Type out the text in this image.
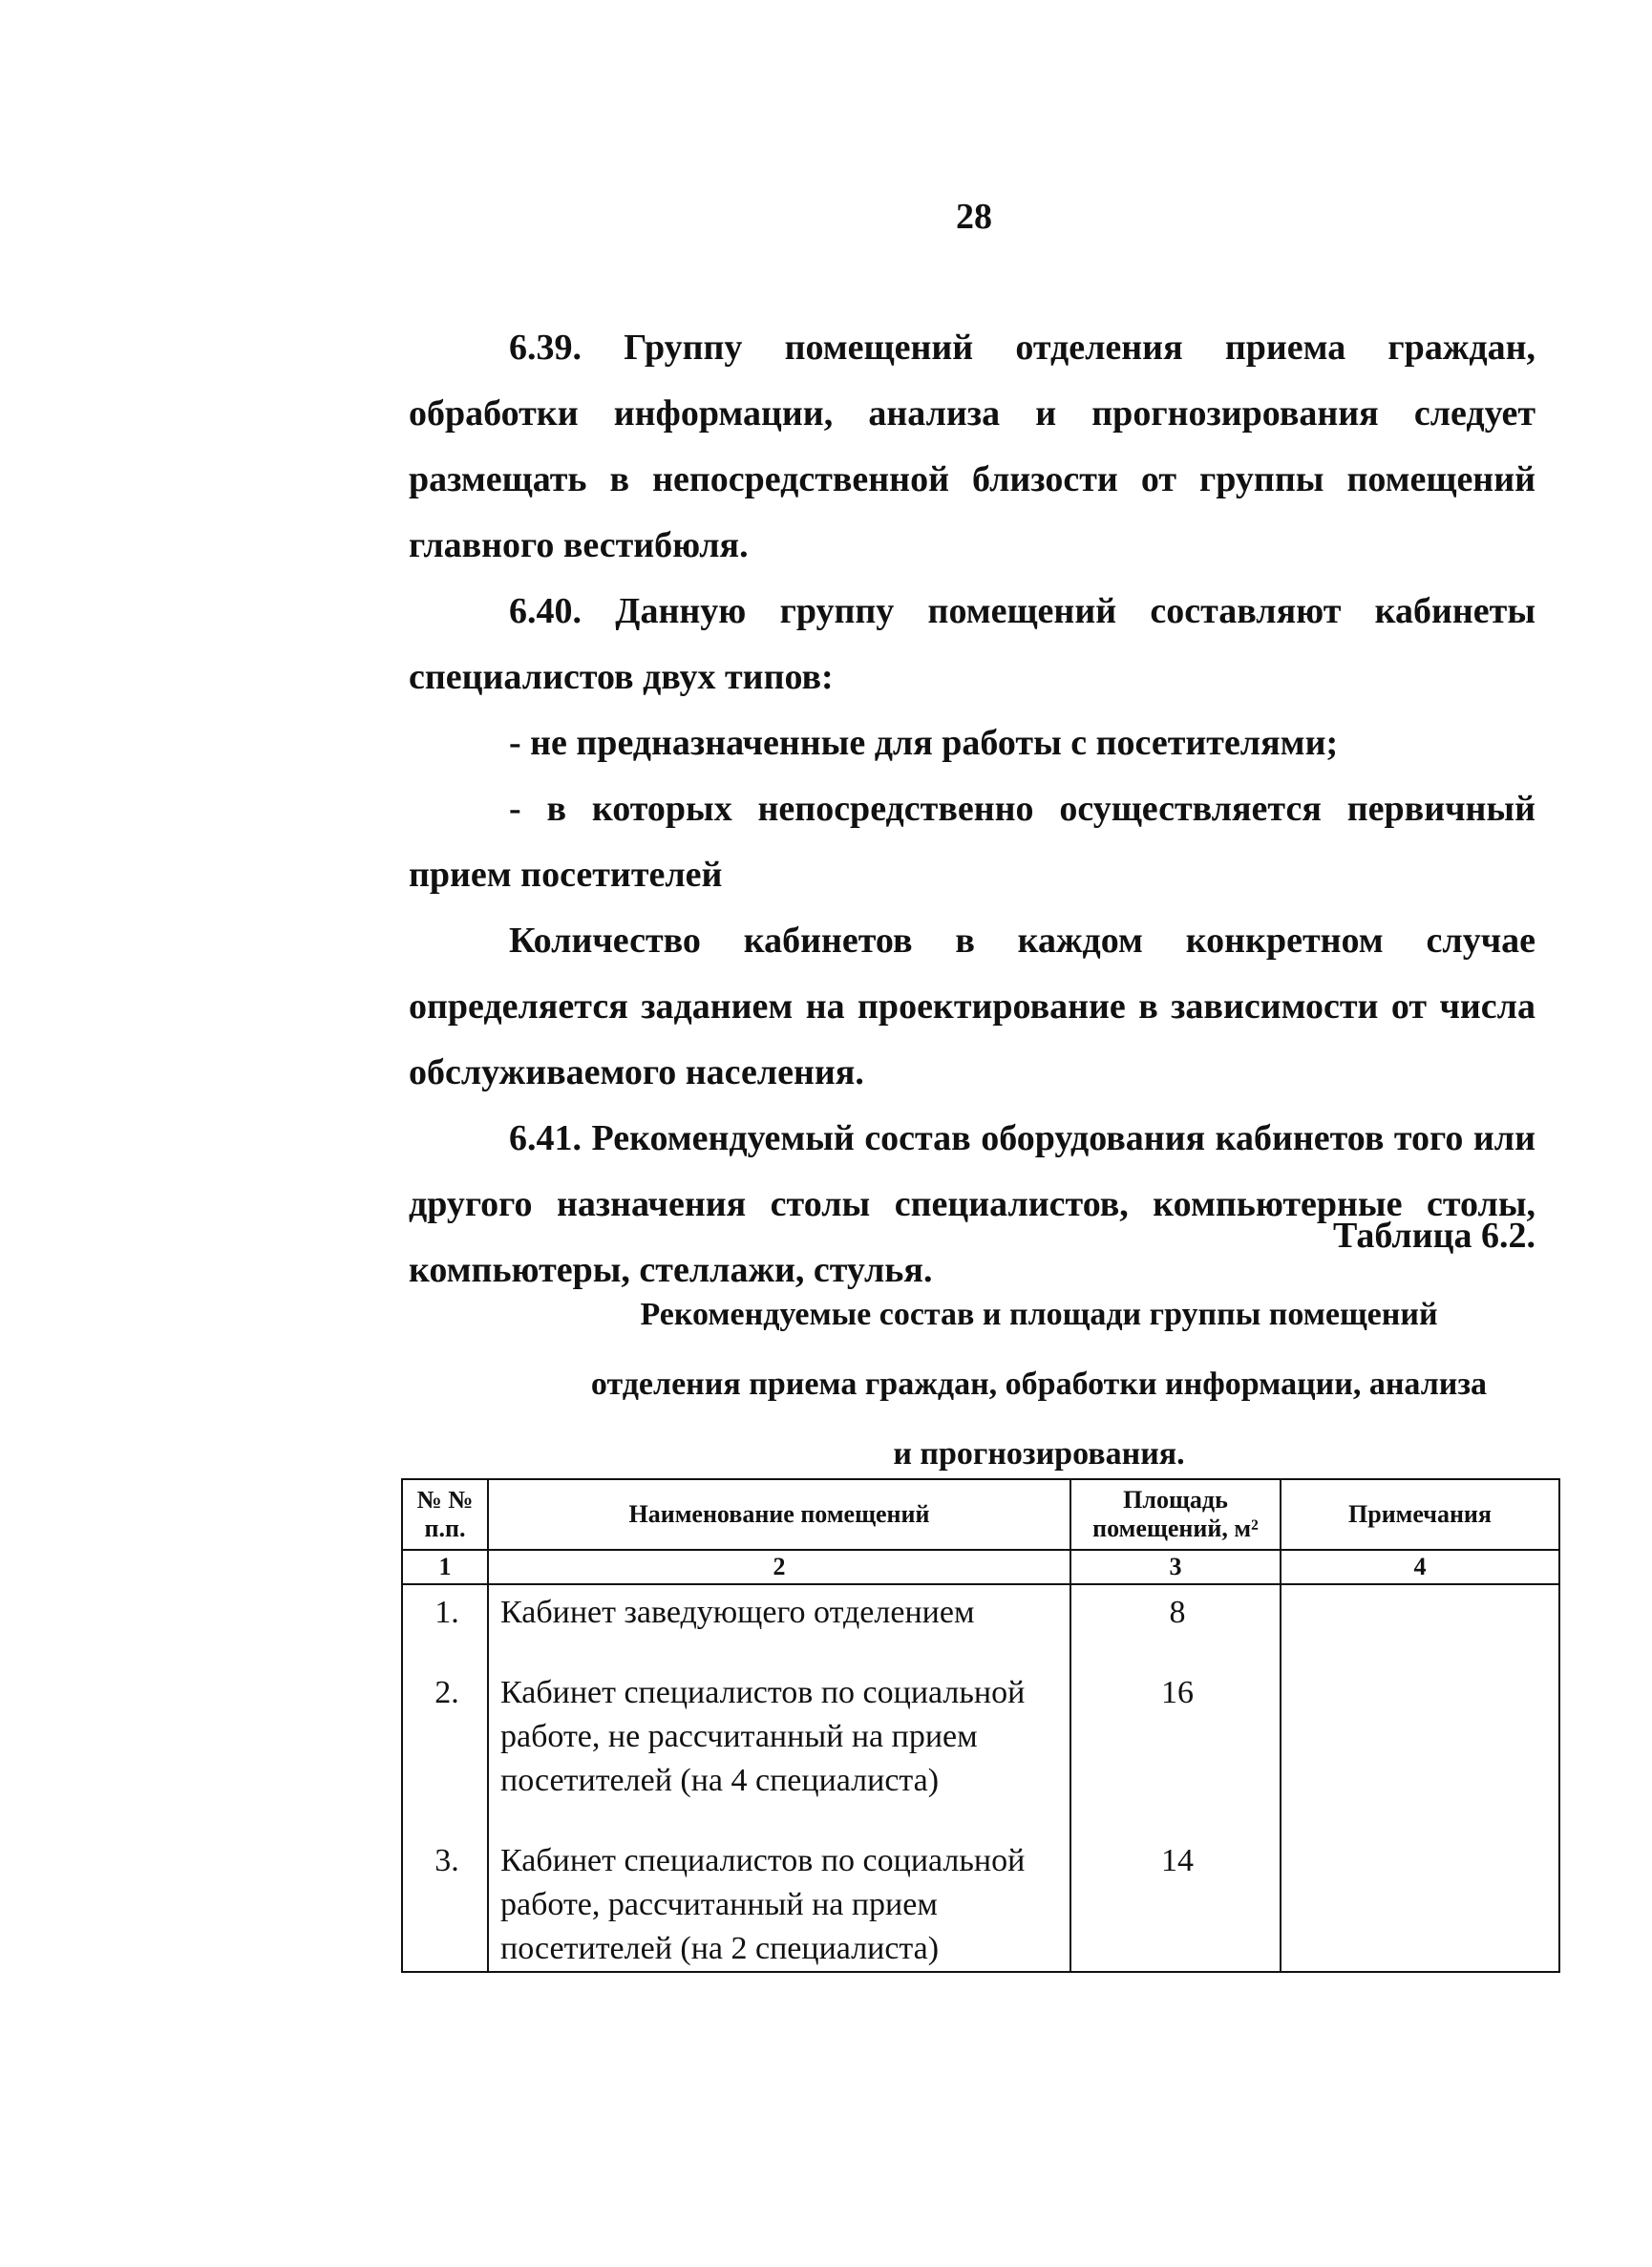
28

6.39. Группу помещений отделения приема граждан, обработки информации, анализа и прогнозирования следует размещать в непосредственной близости от группы помещений главного вестибюля.

6.40. Данную группу помещений составляют кабинеты специалистов двух типов:

- не предназначенные для работы с посетителями;

- в которых непосредственно осуществляется первичный прием посетителей

Количество кабинетов в каждом конкретном случае определяется заданием на проектирование в зависимости от числа обслуживаемого населения.

6.41. Рекомендуемый состав оборудования кабинетов того или другого назначения столы специалистов, компьютерные столы, компьютеры, стеллажи, стулья.

Таблица 6.2.
Рекомендуемые состав и площади группы помещений
отделения приема граждан, обработки информации, анализа
и прогнозирования.
№ № п.п.	Наименование помещений	Площадь помещений, м²	Примечания
1	2	3	4
1.	Кабинет заведующего отделением	8	
2.	Кабинет специалистов по социальной работе, не рассчитанный на прием посетителей (на 4 специалиста)	16	
3.	Кабинет специалистов по социальной работе, рассчитанный на прием посетителей (на 2 специалиста)	14	
